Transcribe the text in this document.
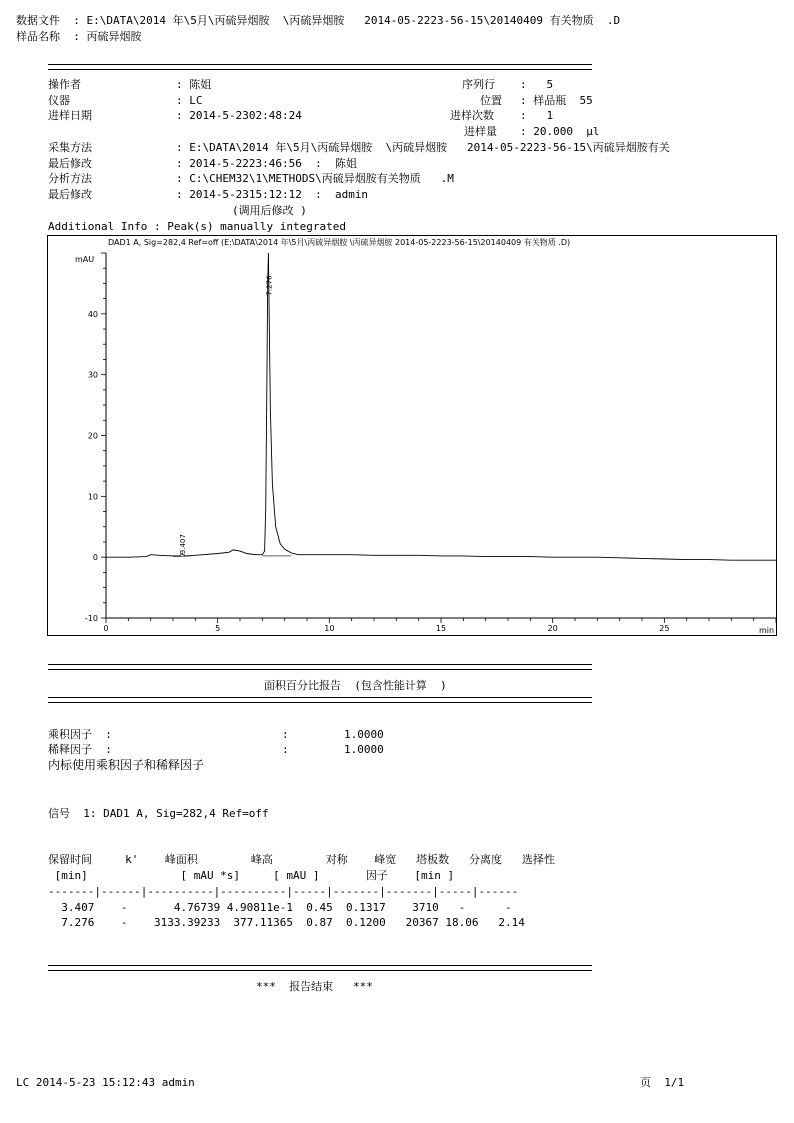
数据文件  : E:\DATA\2014 年\5月\丙硫异烟胺  \丙硫异烟胺   2014-05-2223-56-15\20140409 有关物质  .D
样品名称  : 丙硫异烟胺
操作者	: 陈姐	序列行 :   5
仪器	: LC	位置 : 样品瓶  55
进样日期	: 2014-5-2302:48:24	进样次数 :   1
进样量 : 20.000  µl
采集方法	: E:\DATA\2014 年\5月\丙硫异烟胺  \丙硫异烟胺   2014-05-2223-56-15\丙硫异烟胺有关
最后修改	: 2014-5-2223:46:56  :  陈姐
分析方法	: C:\CHEM32\1\METHODS\丙硫异烟胺有关物质   .M
最后修改	: 2014-5-2315:12:12  :  admin
(调用后修改 )
Additional Info : Peak(s) manually integrated
DAD1 A, Sig=282,4 Ref=off (E:\DATA\2014 年\5月\丙硫异烟胺 \丙硫异烟胺 2014-05-2223-56-15\20140409 有关物质 .D)
mAU
min
0	5	10	15	20	25
-10
0
10
20
30
40
3.407
7.276
面积百分比报告  (包含性能计算  )
乘积因子  :	:	1.0000
稀释因子  :	:	1.0000
内标使用乘积因子和稀释因子
信号  1: DAD1 A, Sig=282,4 Ref=off
保留时间     k'    峰面积        峰高        对称    峰宽   塔板数   分离度   选择性
[min]              [ mAU *s]     [ mAU ]       因子    [min ]
-------|------|----------|----------|-----|-------|-------|-----|------
3.407    -       4.76739 4.90811e-1  0.45  0.1317    3710   -      -
7.276    -    3133.39233  377.11365  0.87  0.1200   20367 18.06   2.14
***  报告结束   ***
LC 2014-5-23 15:12:43 admin	页  1/1
